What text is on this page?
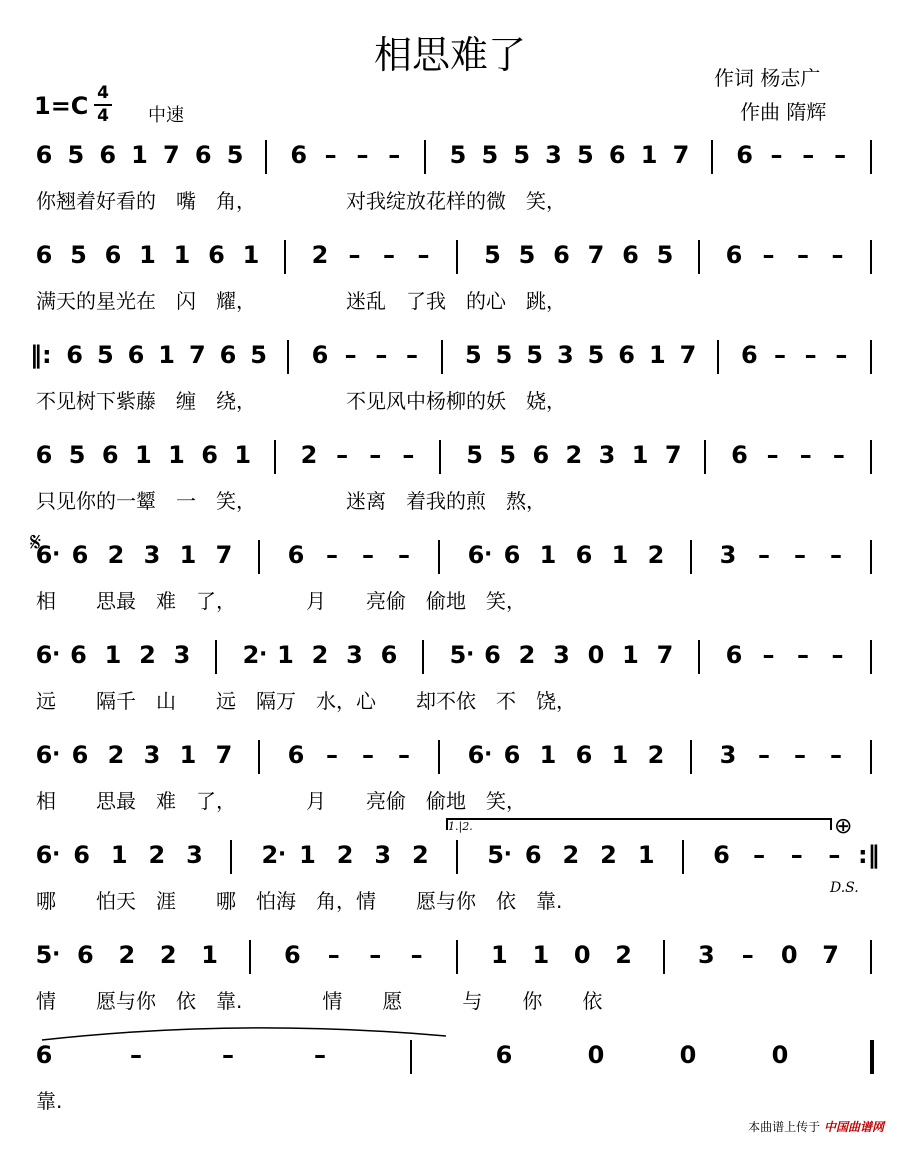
相思难了
作词 杨志广
作曲 隋辉
1=C 4
4 中速
6 5 6 1 7 6 5 6 – – – 5 5 5 3 5 6 1 7 6 – – –
你翘着好看的　嘴　角，　　　　　对我绽放花样的微　笑，
6 5 6 1 1 6 1 2 – – – 5 5 6 7 6 5 6 – – –
满天的星光在　闪　耀，　　　　　迷乱　了我　的心　跳，
‖: 6 5 6 1 7 6 5 6 – – – 5 5 5 3 5 6 1 7 6 – – –
不见树下紫藤　缠　绕，　　　　　不见风中杨柳的妖　娆，
6 5 6 1 1 6 1 2 – – – 5 5 6 2 3 1 7 6 – – –
只见你的一颦　一　笑，　　　　　迷离　着我的煎　熬，
6 · 6 2 3 1 7 6 – – – 6 · 6 1 6 1 2 3 – – –
相　　思最　难　了，　　　　月　　亮偷　偷地　笑，
6 · 6 1 2 3 2 · 1 2 3 6 5 · 6 2 3 0 1 7 6 – – –
远　　隔千　山　　远　隔万　水，心　　却不依　不　饶，
6 · 6 2 3 1 7 6 – – – 6 · 6 1 6 1 2 3 – – –
相　　思最　难　了，　　　　月　　亮偷　偷地　笑，
6 · 6 1 2 3 2 · 1 2 3 2 5 · 6 2 2 1 6 – – – :‖
哪　　怕天　涯　　哪　怕海　角，情　　愿与你　依　靠.
5 · 6 2 2 1	6 – – –	1 1 0 2	3 – 0 7
情　　愿与你　依　靠.　　　　情　　愿　　　与　　你　　依
6	–	–	–	6	0	0	0
靠.
𝄋
1.|2.	⊕
D.S.
本曲谱上传于 中国曲谱网
